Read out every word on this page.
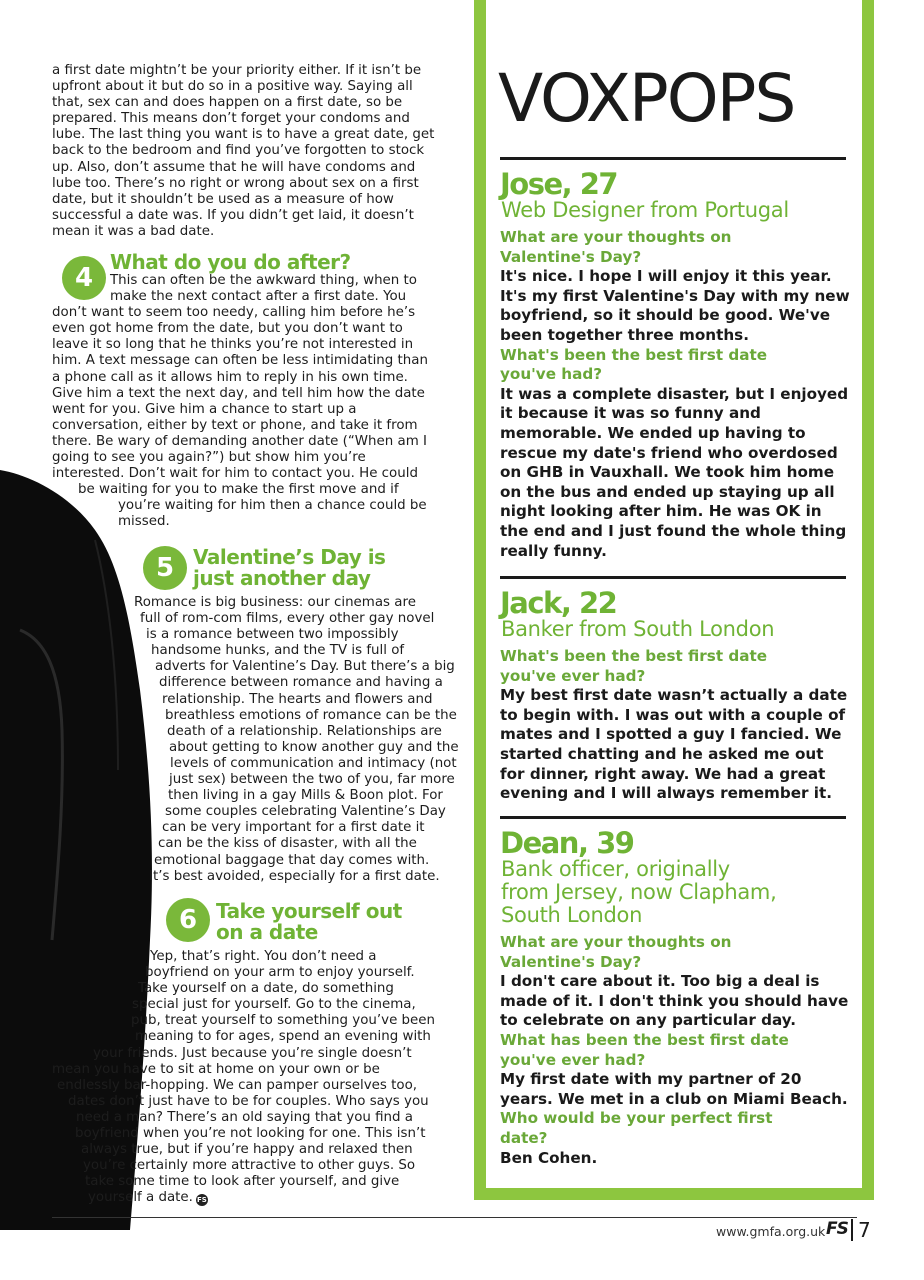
a first date mightn’t be your priority either. If it isn’t be
upfront about it but do so in a positive way. Saying all
that, sex can and does happen on a first date, so be
prepared. This means don’t forget your condoms and
lube. The last thing you want is to have a great date, get
back to the bedroom and find you’ve forgotten to stock
up. Also, don’t assume that he will have condoms and
lube too. There’s no right or wrong about sex on a first
date, but it shouldn’t be used as a measure of how
successful a date was. If you didn’t get laid, it doesn’t
mean it was a bad date.
4
What do you do after?
This can often be the awkward thing, when to
make the next contact after a first date. You
don’t want to seem too needy, calling him before he’s
even got home from the date, but you don’t want to
leave it so long that he thinks you’re not interested in
him. A text message can often be less intimidating than
a phone call as it allows him to reply in his own time.
Give him a text the next day, and tell him how the date
went for you. Give him a chance to start up a
conversation, either by text or phone, and take it from
there. Be wary of demanding another date (“When am I
going to see you again?”) but show him you’re
interested. Don’t wait for him to contact you. He could
be waiting for you to make the first move and if
you’re waiting for him then a chance could be
missed.
5 Valentine’s Day is
just another day
Romance is big business: our cinemas are
full of rom-com films, every other gay novel
is a romance between two impossibly
handsome hunks, and the TV is full of
adverts for Valentine’s Day. But there’s a big
difference between romance and having a
relationship. The hearts and flowers and
breathless emotions of romance can be the
death of a relationship. Relationships are
about getting to know another guy and the
levels of communication and intimacy (not
just sex) between the two of you, far more
then living in a gay Mills & Boon plot. For
some couples celebrating Valentine’s Day
can be very important for a first date it
can be the kiss of disaster, with all the
emotional baggage that day comes with.
It’s best avoided, especially for a first date.
6 Take yourself out
on a date
Yep, that’s right. You don’t need a
boyfriend on your arm to enjoy yourself.
Take yourself on a date, do something
special just for yourself. Go to the cinema,
pub, treat yourself to something you’ve been
meaning to for ages, spend an evening with
your friends. Just because you’re single doesn’t
mean you have to sit at home on your own or be
endlessly bar-hopping. We can pamper ourselves too,
dates don’t just have to be for couples. Who says you
need a man? There’s an old saying that you find a
boyfriend when you’re not looking for one. This isn’t
always true, but if you’re happy and relaxed then
you’re certainly more attractive to other guys. So
take some time to look after yourself, and give
yourself a date. FS
VOXPOPS
Jose, 27
Web Designer from Portugal
What are your thoughts on
Valentine's Day?
It's nice. I hope I will enjoy it this year.
It's my first Valentine's Day with my new
boyfriend, so it should be good. We've
been together three months.
What's been the best first date
you've had?
It was a complete disaster, but I enjoyed
it because it was so funny and
memorable. We ended up having to
rescue my date's friend who overdosed
on GHB in Vauxhall. We took him home
on the bus and ended up staying up all
night looking after him. He was OK in
the end and I just found the whole thing
really funny.
Jack, 22
Banker from South London
What's been the best first date
you've ever had?
My best first date wasn’t actually a date
to begin with. I was out with a couple of
mates and I spotted a guy I fancied. We
started chatting and he asked me out
for dinner, right away. We had a great
evening and I will always remember it.
Dean, 39
Bank officer, originally
from Jersey, now Clapham,
South London
What are your thoughts on
Valentine's Day?
I don't care about it. Too big a deal is
made of it. I don't think you should have
to celebrate on any particular day.
What has been the best first date
you've ever had?
My first date with my partner of 20
years. We met in a club on Miami Beach.
Who would be your perfect first
date?
Ben Cohen.
www.gmfa.org.uk FS 7
